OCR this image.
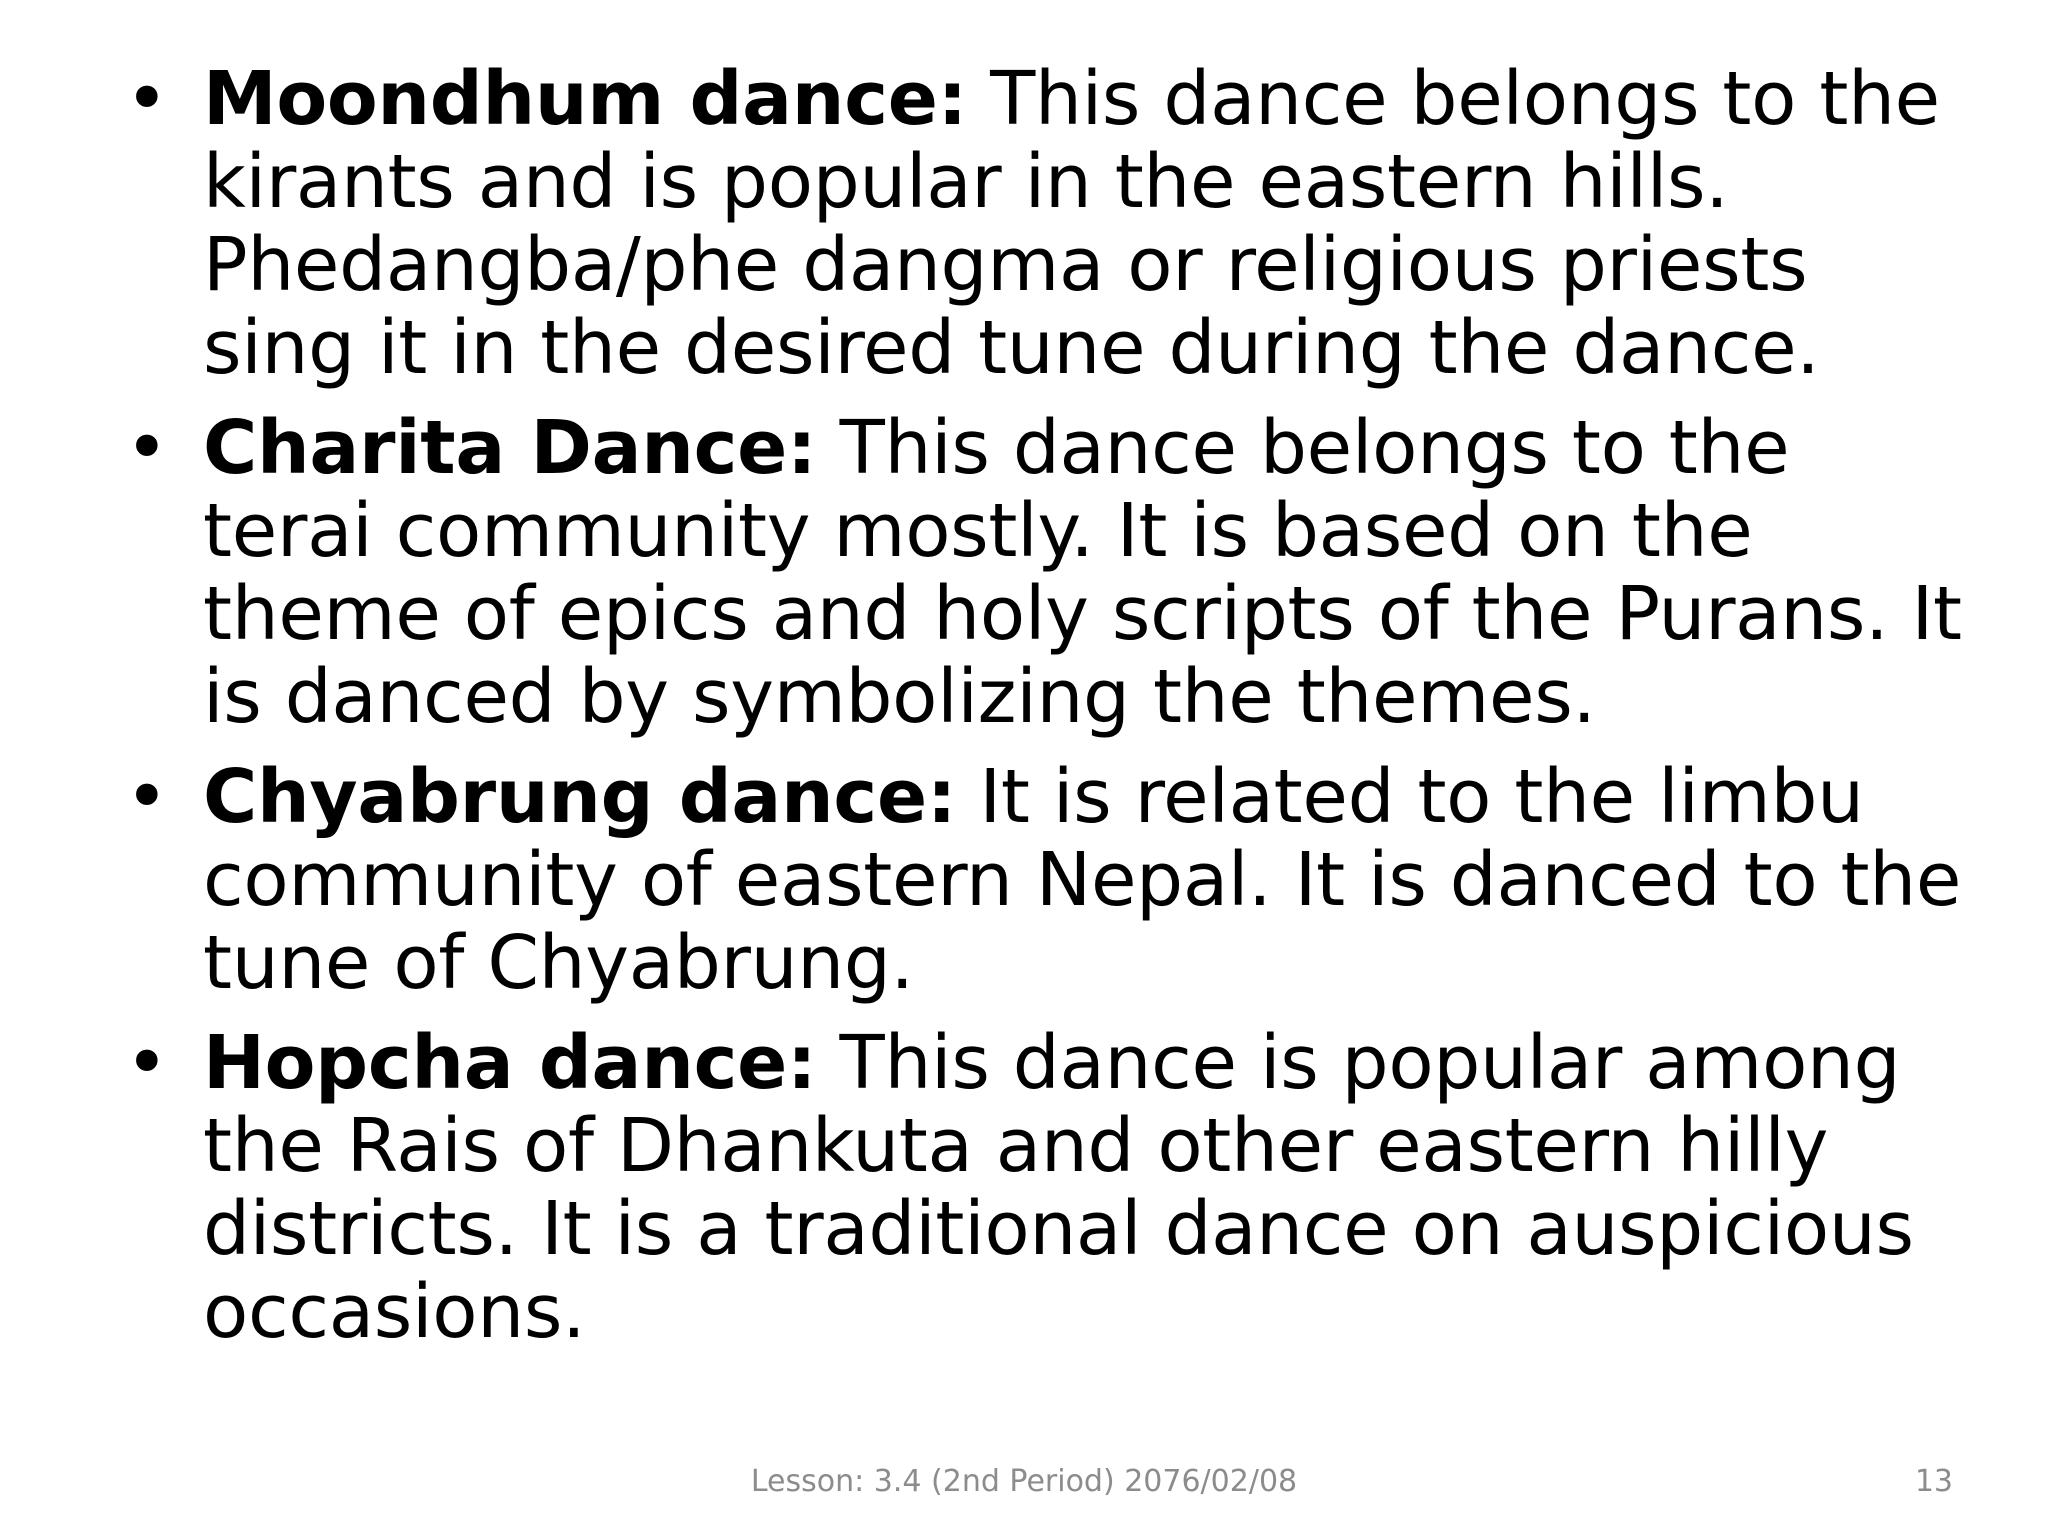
• Moondhum dance: This dance belongs to the kirants and is popular in the eastern hills. Phedangba/phe dangma or religious priests sing it in the desired tune during the dance.
• Charita Dance: This dance belongs to the terai community mostly. It is based on the theme of epics and holy scripts of the Purans. It is danced by symbolizing the themes.
• Chyabrung dance: It is related to the limbu community of eastern Nepal. It is danced to the tune of Chyabrung.
• Hopcha dance: This dance is popular among the Rais of Dhankuta and other eastern hilly districts. It is a traditional dance on auspicious occasions.
Lesson: 3.4 (2nd Period) 2076/02/08	13
